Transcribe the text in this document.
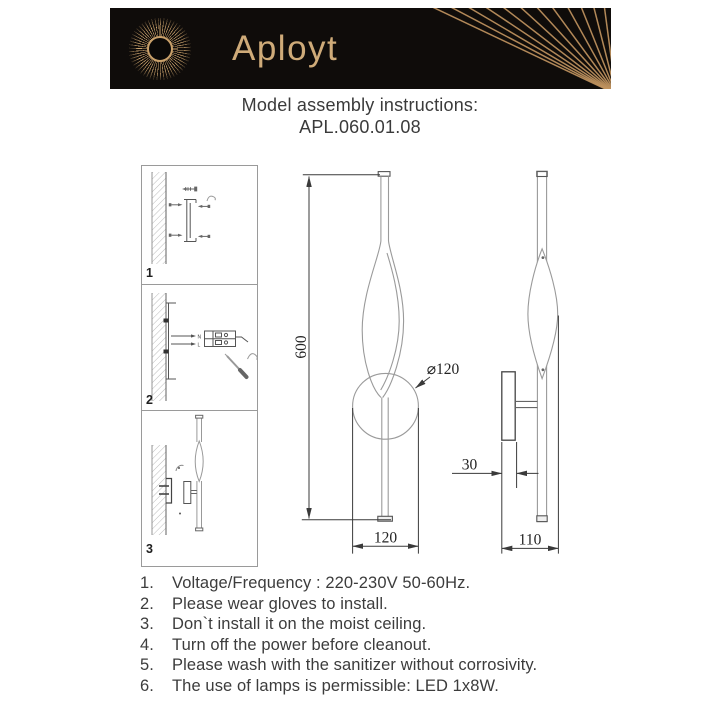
Aployt
Model assembly instructions:
APL.060.01.08
1
N
L
2
3
600
⌀120
120
30
110
1.	Voltage/Frequency : 220-230V 50-60Hz.
2.	Please wear gloves to install.
3.	Don`t install it on the moist ceiling.
4.	Turn off the power before cleanout.
5.	Please wash with the sanitizer without corrosivity.
6.	The use of lamps is permissible: LED 1x8W.
